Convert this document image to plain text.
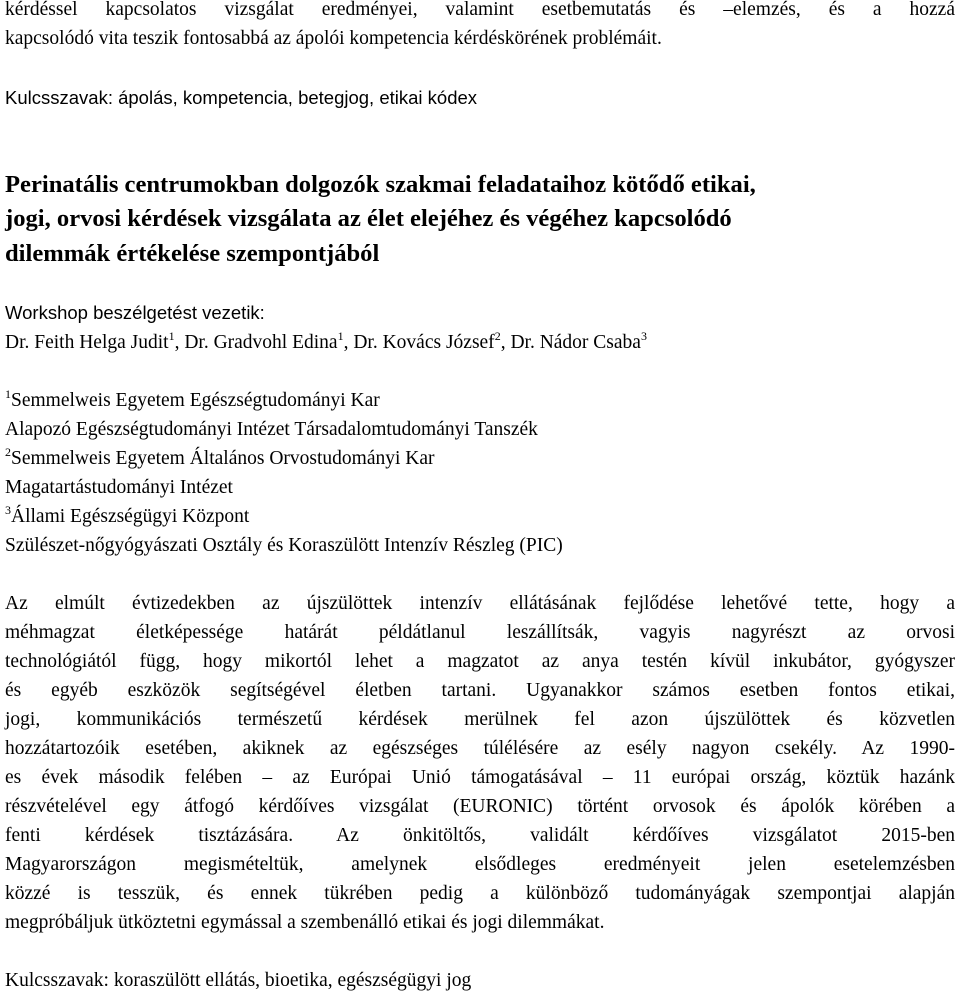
kérdéssel kapcsolatos vizsgálat eredményei, valamint esetbemutatás és –elemzés, és a hozzá
kapcsolódó vita teszik fontosabbá az ápolói kompetencia kérdéskörének problémáit.
Kulcsszavak: ápolás, kompetencia, betegjog, etikai kódex
Perinatális centrumokban dolgozók szakmai feladataihoz kötődő etikai,
jogi, orvosi kérdések vizsgálata az élet elejéhez és végéhez kapcsolódó
dilemmák értékelése szempontjából
Workshop beszélgetést vezetik:
Dr. Feith Helga Judit$^1$, Dr. Gradvohl Edina$^1$, Dr. Kovács József$^2$, Dr. Nádor Csaba$^3$
$^1$Semmelweis Egyetem Egészségtudományi Kar
Alapozó Egészségtudományi Intézet Társadalomtudományi Tanszék
$^2$Semmelweis Egyetem Általános Orvostudományi Kar
Magatartástudományi Intézet
$^3$Állami Egészségügyi Központ
Szülészet-nőgyógyászati Osztály és Koraszülött Intenzív Részleg (PIC)
Az elmúlt évtizedekben az újszülöttek intenzív ellátásának fejlődése lehetővé tette, hogy a
méhmagzat életképessége határát példátlanul leszállítsák, vagyis nagyrészt az orvosi
technológiától függ, hogy mikortól lehet a magzatot az anya testén kívül inkubátor, gyógyszer
és egyéb eszközök segítségével életben tartani. Ugyanakkor számos esetben fontos etikai,
jogi, kommunikációs természetű kérdések merülnek fel azon újszülöttek és közvetlen
hozzátartozóik esetében, akiknek az egészséges túlélésére az esély nagyon csekély. Az 1990-
es évek második felében – az Európai Unió támogatásával – 11 európai ország, köztük hazánk
részvételével egy átfogó kérdőíves vizsgálat (EURONIC) történt orvosok és ápolók körében a
fenti kérdések tisztázására. Az önkitöltős, validált kérdőíves vizsgálatot 2015-ben
Magyarországon megismételtük, amelynek elsődleges eredményeit jelen esetelemzésben
közzé is tesszük, és ennek tükrében pedig a különböző tudományágak szempontjai alapján
megpróbáljuk ütköztetni egymással a szembenálló etikai és jogi dilemmákat.
Kulcsszavak: koraszülött ellátás, bioetika, egészségügyi jog
